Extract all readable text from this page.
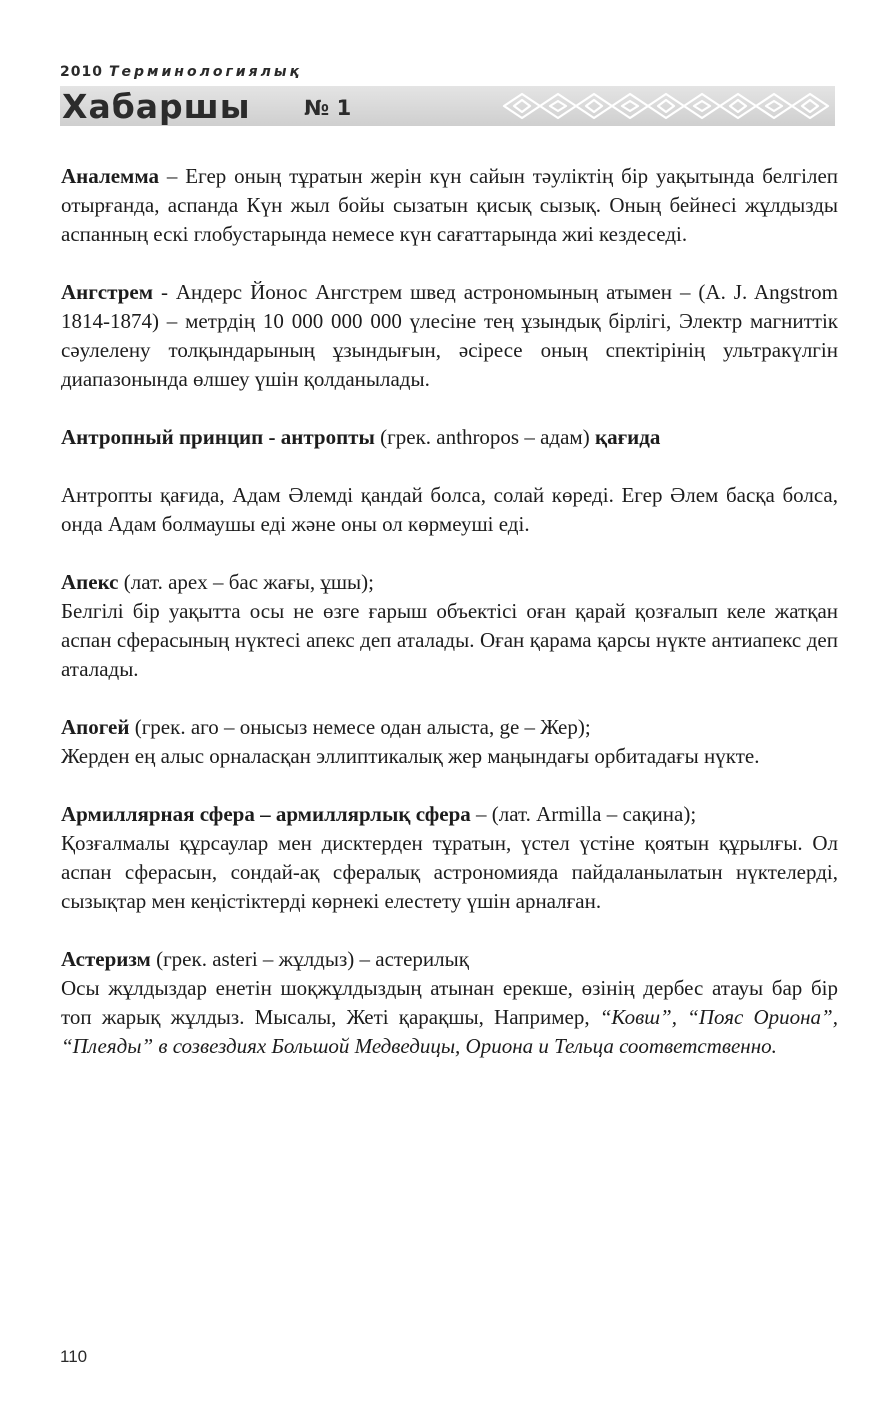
2010 Терминологиялық
Хабаршы	№ 1

Аналемма – Егер оның тұратын жерін күн сайын тәуліктің бір уақытында белгілеп отырғанда, аспанда Күн жыл бойы сызатын қисық сызық. Оның бейнесі жұлдызды аспанның ескі глобустарында немесе күн сағаттарында жиі кездеседі.

Ангстрем - Андерс Йонос Ангстрем швед астрономының атымен – (A. J. Angstrom 1814-1874) – метрдің 10 000 000 000 үлесіне тең ұзындық бірлігі, Электр магниттік сәулелену толқындарының ұзындығын, әсіресе оның спектірінің ультракүлгін диапазонында өлшеу үшін қолданылады.

Антропный принцип - антропты (грек. anthropos – адам) қағида

Антропты қағида, Адам Әлемді қандай болса, солай көреді. Егер Әлем басқа болса, онда Адам болмаушы еді және оны ол көрмеуші еді.

Апекс (лат. apex – бас жағы, ұшы);

Белгілі бір уақытта осы не өзге ғарыш объектісі оған қарай қозғалып келе жатқан аспан сферасының нүктесі апекс деп аталады. Оған қарама қарсы нүкте антиапекс деп аталады.

Апогей (грек. аго – онысыз немесе одан алыста, ge – Жер);

Жерден ең алыс орналасқан эллиптикалық жер маңындағы орбитадағы нүкте.

Армиллярная сфера – армиллярлық сфера – (лат. Armilla – сақина);

Қозғалмалы құрсаулар мен дисктерден тұратын, үстел үстіне қоятын құрылғы. Ол аспан сферасын, сондай-ақ сфералық астрономияда пайдаланылатын нүктелерді, сызықтар мен кеңістіктерді көрнекі елестету үшін арналған.

Астеризм (грек. asteri – жұлдыз) – астерилық

Осы жұлдыздар енетін шоқжұлдыздың атынан ерекше, өзінің дербес атауы бар бір топ жарық жұлдыз. Мысалы, Жеті қарақшы, Например, “Ковш”, “Пояс Ориона”, “Плеяды” в созвездиях Большой Медведицы, Ориона и Тельца соответственно.

110
